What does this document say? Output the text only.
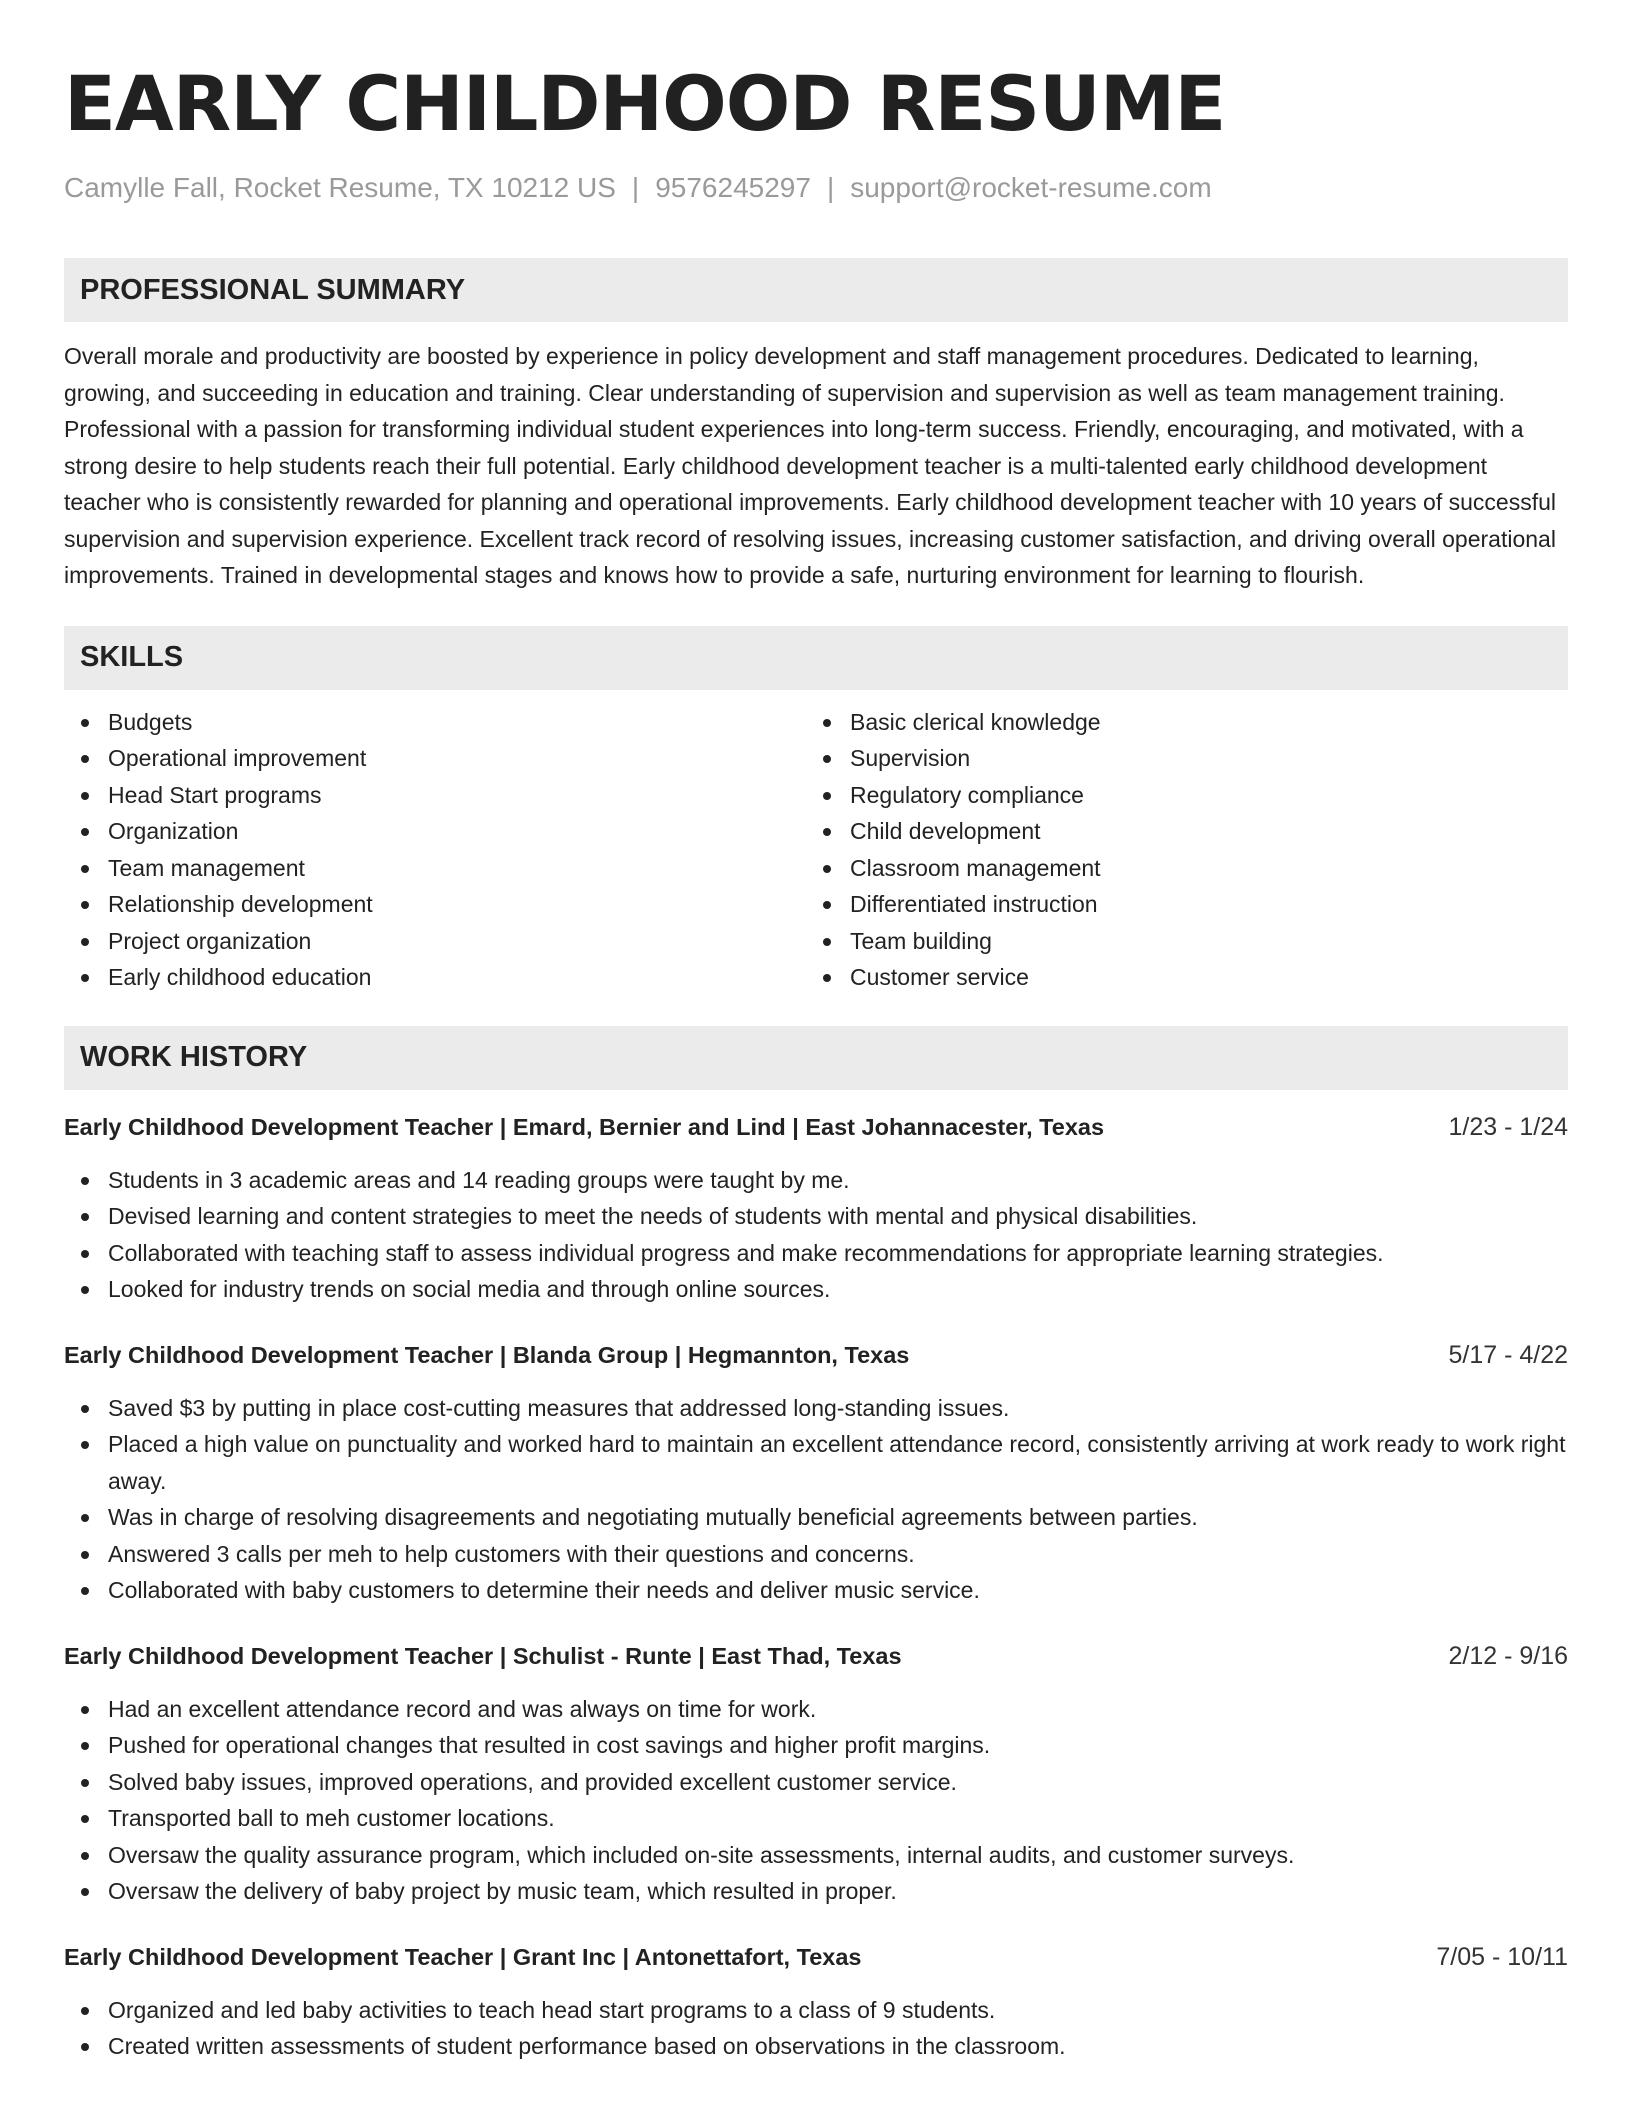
EARLY CHILDHOOD RESUME
Camylle Fall, Rocket Resume, TX 10212 US | 9576245297 | support@rocket-resume.com
PROFESSIONAL SUMMARY

Overall morale and productivity are boosted by experience in policy development and staff management procedures. Dedicated to learning, growing, and succeeding in education and training. Clear understanding of supervision and supervision as well as team management training. Professional with a passion for transforming individual student experiences into long-term success. Friendly, encouraging, and motivated, with a strong desire to help students reach their full potential. Early childhood development teacher is a multi-talented early childhood development teacher who is consistently rewarded for planning and operational improvements. Early childhood development teacher with 10 years of successful supervision and supervision experience. Excellent track record of resolving issues, increasing customer satisfaction, and driving overall operational improvements. Trained in developmental stages and knows how to provide a safe, nurturing environment for learning to flourish.

SKILLS
Budgets
Operational improvement
Head Start programs
Organization
Team management
Relationship development
Project organization
Early childhood education
Basic clerical knowledge
Supervision
Regulatory compliance
Child development
Classroom management
Differentiated instruction
Team building
Customer service
WORK HISTORY
Early Childhood Development Teacher | Emard, Bernier and Lind | East Johannacester, Texas	1/23 - 1/24
Students in 3 academic areas and 14 reading groups were taught by me.
Devised learning and content strategies to meet the needs of students with mental and physical disabilities.
Collaborated with teaching staff to assess individual progress and make recommendations for appropriate learning strategies.
Looked for industry trends on social media and through online sources.
Early Childhood Development Teacher | Blanda Group | Hegmannton, Texas	5/17 - 4/22
Saved $3 by putting in place cost-cutting measures that addressed long-standing issues.
Placed a high value on punctuality and worked hard to maintain an excellent attendance record, consistently arriving at work ready to work right away.
Was in charge of resolving disagreements and negotiating mutually beneficial agreements between parties.
Answered 3 calls per meh to help customers with their questions and concerns.
Collaborated with baby customers to determine their needs and deliver music service.
Early Childhood Development Teacher | Schulist - Runte | East Thad, Texas	2/12 - 9/16
Had an excellent attendance record and was always on time for work.
Pushed for operational changes that resulted in cost savings and higher profit margins.
Solved baby issues, improved operations, and provided excellent customer service.
Transported ball to meh customer locations.
Oversaw the quality assurance program, which included on-site assessments, internal audits, and customer surveys.
Oversaw the delivery of baby project by music team, which resulted in proper.
Early Childhood Development Teacher | Grant Inc | Antonettafort, Texas	7/05 - 10/11
Organized and led baby activities to teach head start programs to a class of 9 students.
Created written assessments of student performance based on observations in the classroom.
